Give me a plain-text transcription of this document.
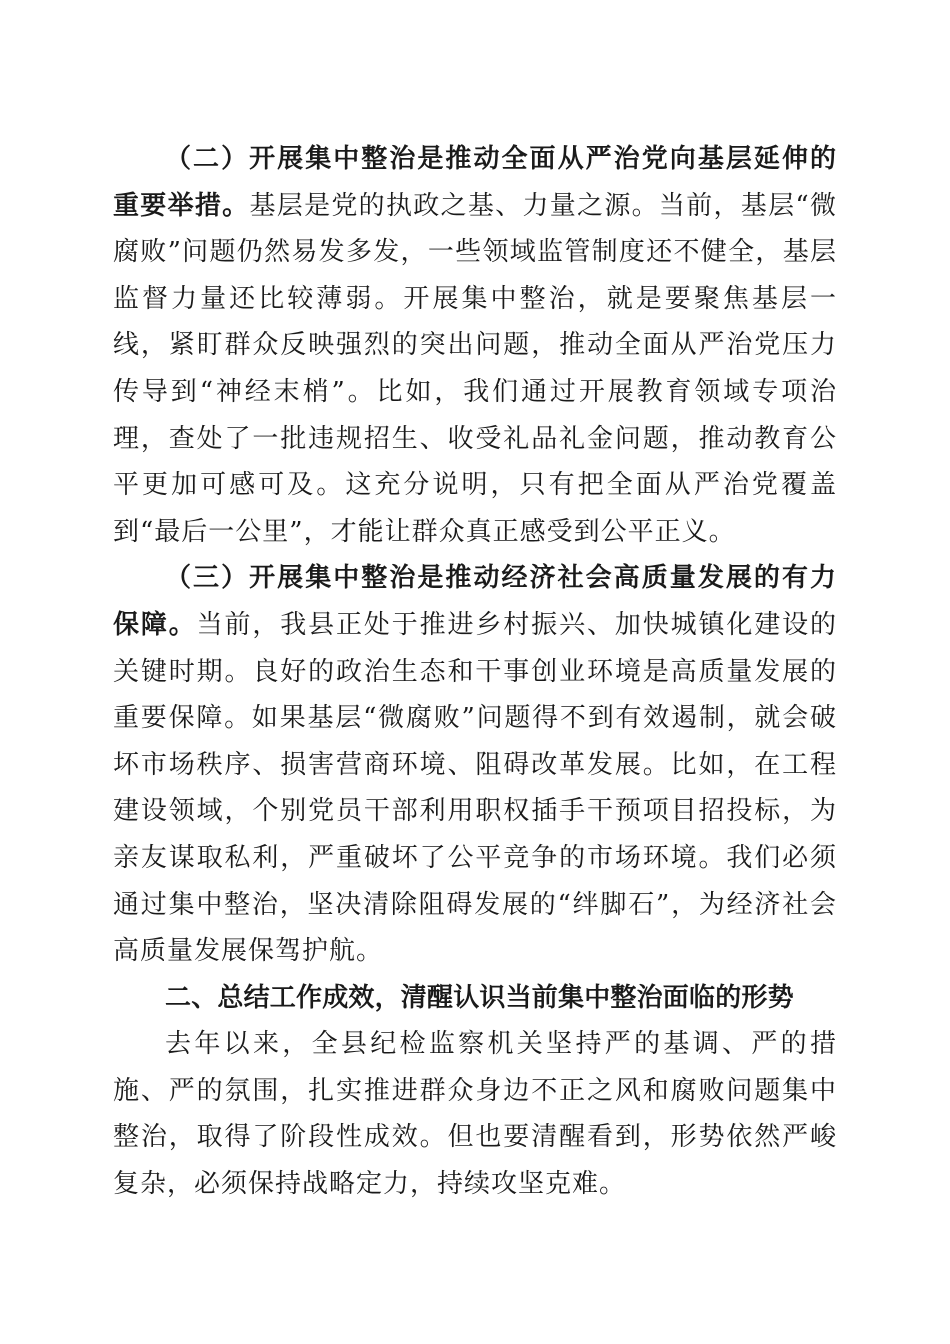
（二）开展集中整治是推动全面从严治党向基层延伸的重要举措。基层是党的执政之基、力量之源。当前，基层“微腐败”问题仍然易发多发，一些领域监管制度还不健全，基层监督力量还比较薄弱。开展集中整治，就是要聚焦基层一线，紧盯群众反映强烈的突出问题，推动全面从严治党压力传导到“神经末梢”。比如，我们通过开展教育领域专项治理，查处了一批违规招生、收受礼品礼金问题，推动教育公平更加可感可及。这充分说明，只有把全面从严治党覆盖到“最后一公里”，才能让群众真正感受到公平正义。

（三）开展集中整治是推动经济社会高质量发展的有力保障。当前，我县正处于推进乡村振兴、加快城镇化建设的关键时期。良好的政治生态和干事创业环境是高质量发展的重要保障。如果基层“微腐败”问题得不到有效遏制，就会破坏市场秩序、损害营商环境、阻碍改革发展。比如，在工程建设领域，个别党员干部利用职权插手干预项目招投标，为亲友谋取私利，严重破坏了公平竞争的市场环境。我们必须通过集中整治，坚决清除阻碍发展的“绊脚石”，为经济社会高质量发展保驾护航。

二、总结工作成效，清醒认识当前集中整治面临的形势

去年以来，全县纪检监察机关坚持严的基调、严的措施、严的氛围，扎实推进群众身边不正之风和腐败问题集中整治，取得了阶段性成效。但也要清醒看到，形势依然严峻复杂，必须保持战略定力，持续攻坚克难。
